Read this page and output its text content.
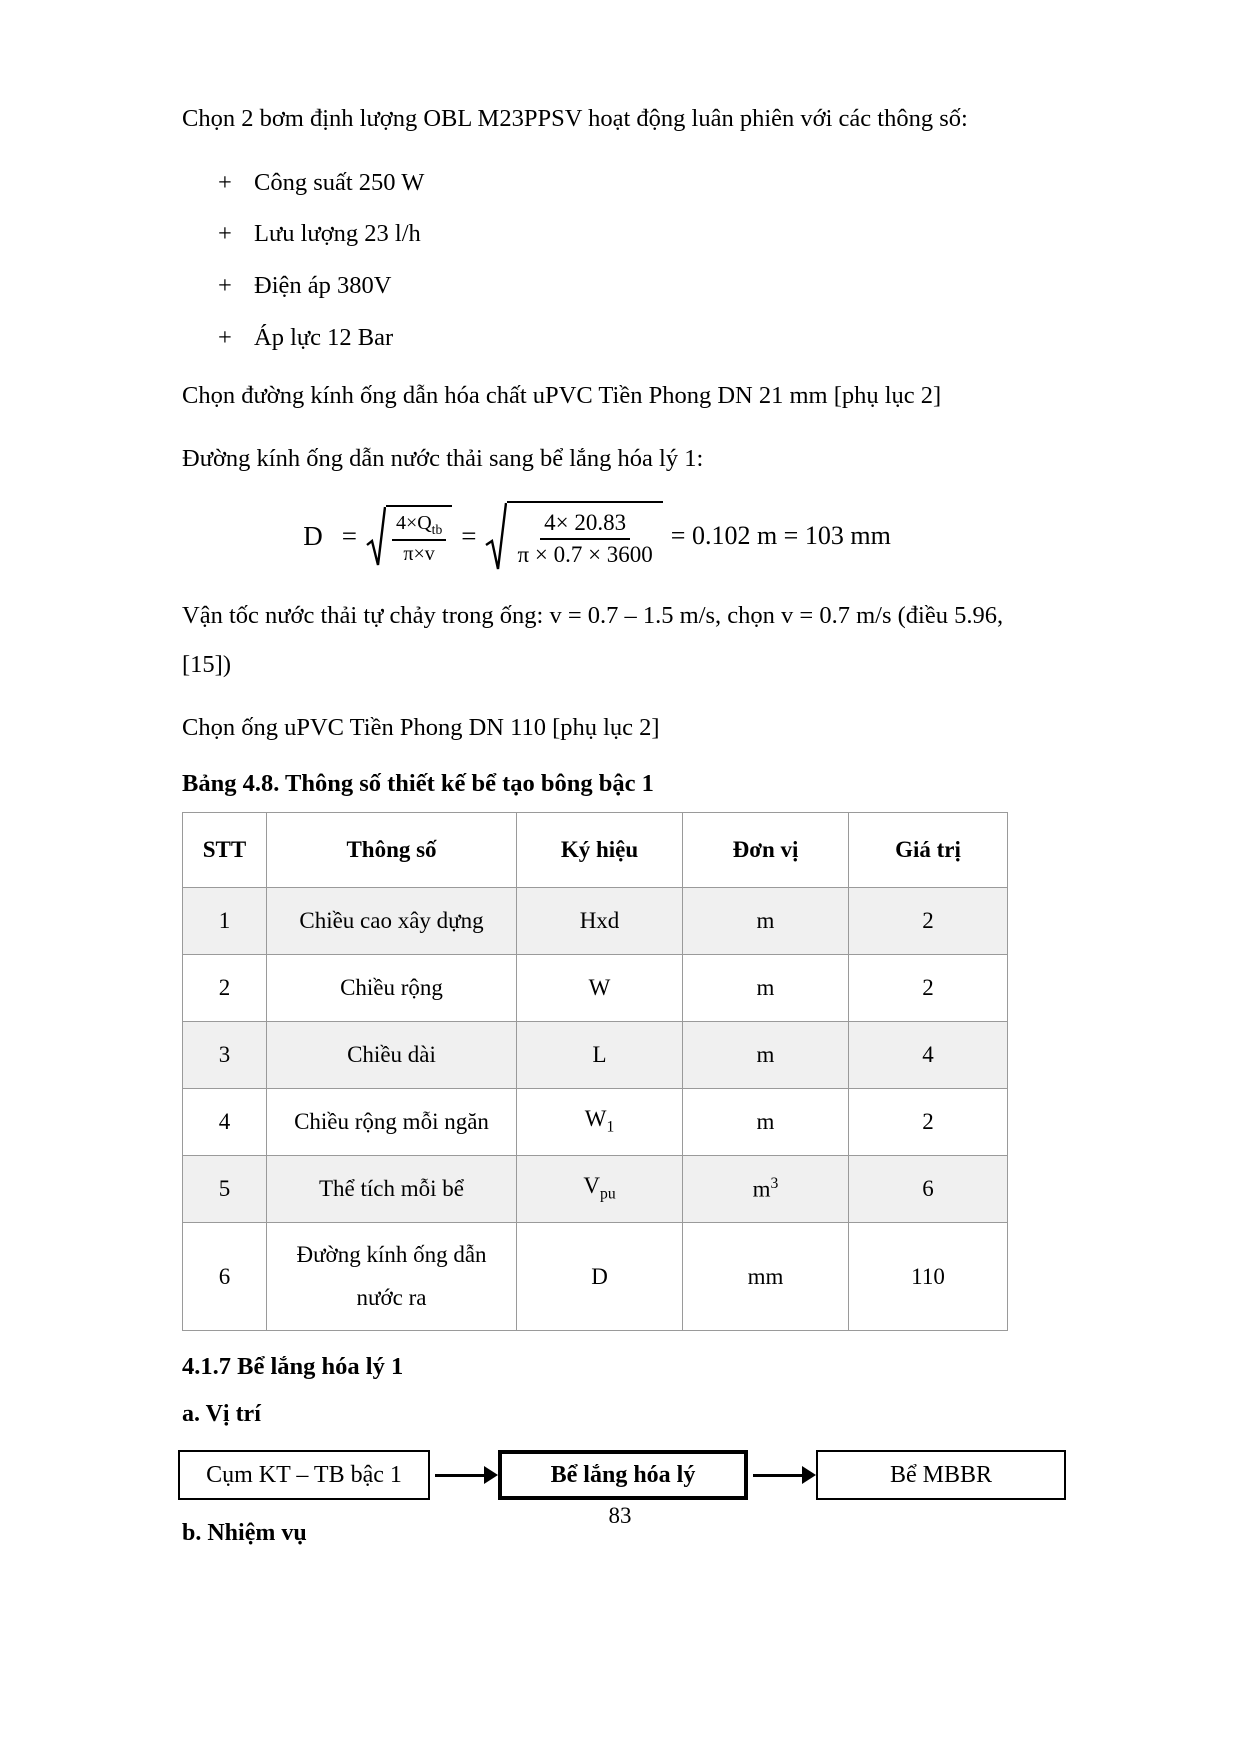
Chọn 2 bơm định lượng OBL M23PPSV hoạt động luân phiên với các thông số:

+ Công suất 250 W
+ Lưu lượng 23 l/h
+ Điện áp 380V
+ Áp lực 12 Bar

Chọn đường kính ống dẫn hóa chất uPVC Tiền Phong DN 21 mm [phụ lục 2]

Đường kính ống dẫn nước thải sang bể lắng hóa lý 1:

$D = \frac{4\times Q_{tb}}{\pi\times v} = \frac{4\times 20.83}{\pi \times 0.7 \times 3600} = 0.102$ m = 103 mm

Vận tốc nước thải tự chảy trong ống: v = 0.7 – 1.5 m/s, chọn v = 0.7 m/s (điều 5.96,

[15])

Chọn ống uPVC Tiền Phong DN 110 [phụ lục 2]

Bảng 4.8. Thông số thiết kế bể tạo bông bậc 1
STT	Thông số	Ký hiệu	Đơn vị	Giá trị
1	Chiều cao xây dựng	Hxd	m	2
2	Chiều rộng	W	m	2
3	Chiều dài	L	m	4
4	Chiều rộng mỗi ngăn	$W_1$	m	2
5	Thể tích mỗi bể	$V_{pu}$	$m^3$	6
6	Đường kính ống dẫn
nước ra	D	mm	110
4.1.7 Bể lắng hóa lý 1
a. Vị trí
Cụm KT – TB bậc 1	Bể lắng hóa lý	Bể MBBR
b. Nhiệm vụ
83
